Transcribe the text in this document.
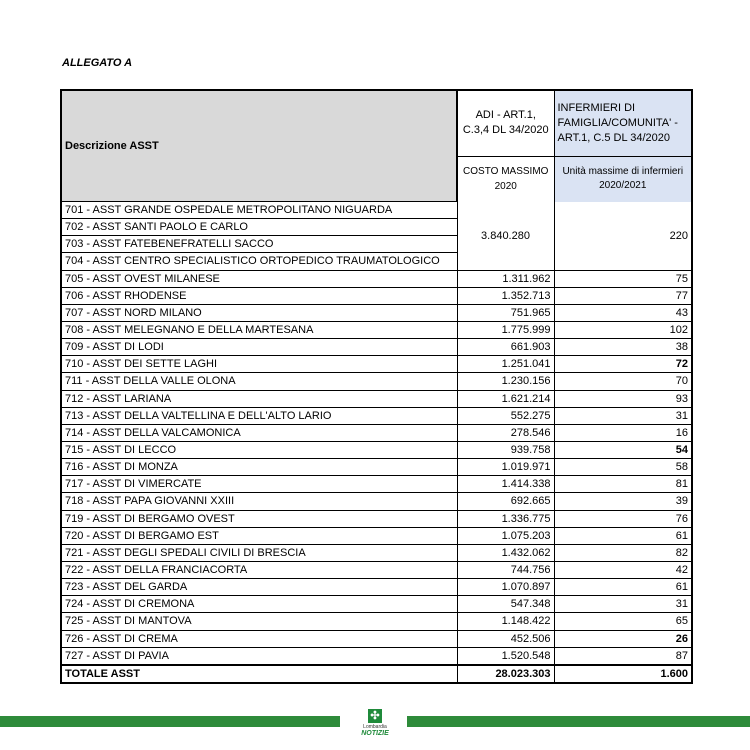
ALLEGATO A
Descrizione ASST	ADI - ART.1, C.3,4 DL 34/2020	INFERMIERI DI FAMIGLIA/COMUNITA' - ART.1, C.5 DL 34/2020
	COSTO MASSIMO 2020	Unità massime di infermieri 2020/2021
701 - ASST GRANDE OSPEDALE METROPOLITANO NIGUARDA	3.840.280	220
702 - ASST SANTI PAOLO E CARLO		
703 - ASST FATEBENEFRATELLI SACCO		
704 - ASST CENTRO SPECIALISTICO ORTOPEDICO TRAUMATOLOGICO		
705 - ASST OVEST MILANESE	1.311.962	75
706 - ASST RHODENSE	1.352.713	77
707 - ASST NORD MILANO	751.965	43
708 - ASST MELEGNANO E DELLA MARTESANA	1.775.999	102
709 - ASST DI LODI	661.903	38
710 - ASST DEI SETTE LAGHI	1.251.041	72
711 - ASST DELLA VALLE OLONA	1.230.156	70
712 - ASST LARIANA	1.621.214	93
713 - ASST DELLA VALTELLINA E DELL'ALTO LARIO	552.275	31
714 - ASST DELLA VALCAMONICA	278.546	16
715 - ASST DI LECCO	939.758	54
716 - ASST DI MONZA	1.019.971	58
717 - ASST DI VIMERCATE	1.414.338	81
718 - ASST PAPA GIOVANNI XXIII	692.665	39
719 - ASST DI BERGAMO OVEST	1.336.775	76
720 - ASST DI BERGAMO EST	1.075.203	61
721 - ASST DEGLI SPEDALI CIVILI DI BRESCIA	1.432.062	82
722 - ASST DELLA FRANCIACORTA	744.756	42
723 - ASST DEL GARDA	1.070.897	61
724 - ASST DI CREMONA	547.348	31
725 - ASST DI MANTOVA	1.148.422	65
726 - ASST DI CREMA	452.506	26
727 - ASST DI PAVIA	1.520.548	87
TOTALE ASST	28.023.303	1.600
✣
Lombardia
NOTIZIE
